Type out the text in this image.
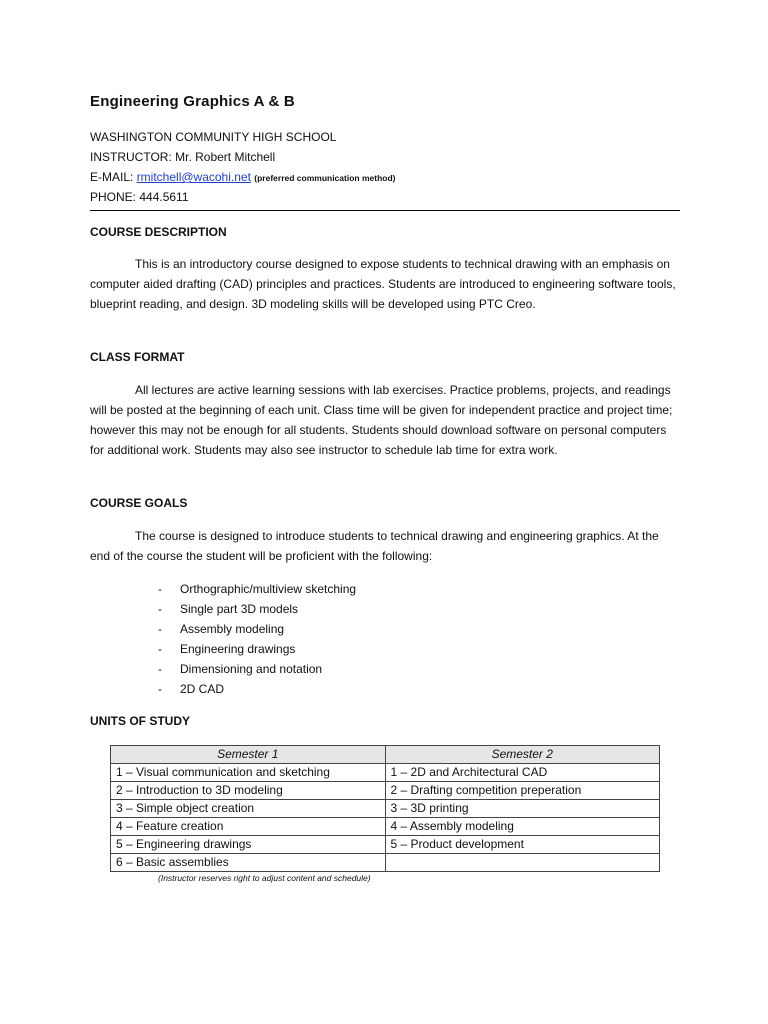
Engineering Graphics A & B
WASHINGTON COMMUNITY HIGH SCHOOL
INSTRUCTOR: Mr. Robert Mitchell
E-MAIL: rmitchell@wacohi.net (preferred communication method)
PHONE: 444.5611
COURSE DESCRIPTION

This is an introductory course designed to expose students to technical drawing with an emphasis on computer aided drafting (CAD) principles and practices. Students are introduced to engineering software tools, blueprint reading, and design. 3D modeling skills will be developed using PTC Creo.

CLASS FORMAT

All lectures are active learning sessions with lab exercises. Practice problems, projects, and readings will be posted at the beginning of each unit. Class time will be given for independent practice and project time; however this may not be enough for all students. Students should download software on personal computers for additional work. Students may also see instructor to schedule lab time for extra work.

COURSE GOALS

The course is designed to introduce students to technical drawing and engineering graphics. At the end of the course the student will be proficient with the following:

- Orthographic/multiview sketching
- Single part 3D models
- Assembly modeling
- Engineering drawings
- Dimensioning and notation
- 2D CAD
UNITS OF STUDY
Semester 1	Semester 2
1 – Visual communication and sketching	1 – 2D and Architectural CAD
2 – Introduction to 3D modeling	2 – Drafting competition preperation
3 – Simple object creation	3 – 3D printing
4 – Feature creation	4 – Assembly modeling
5 – Engineering drawings	5 – Product development
6 – Basic assemblies	
(Instructor reserves right to adjust content and schedule)
